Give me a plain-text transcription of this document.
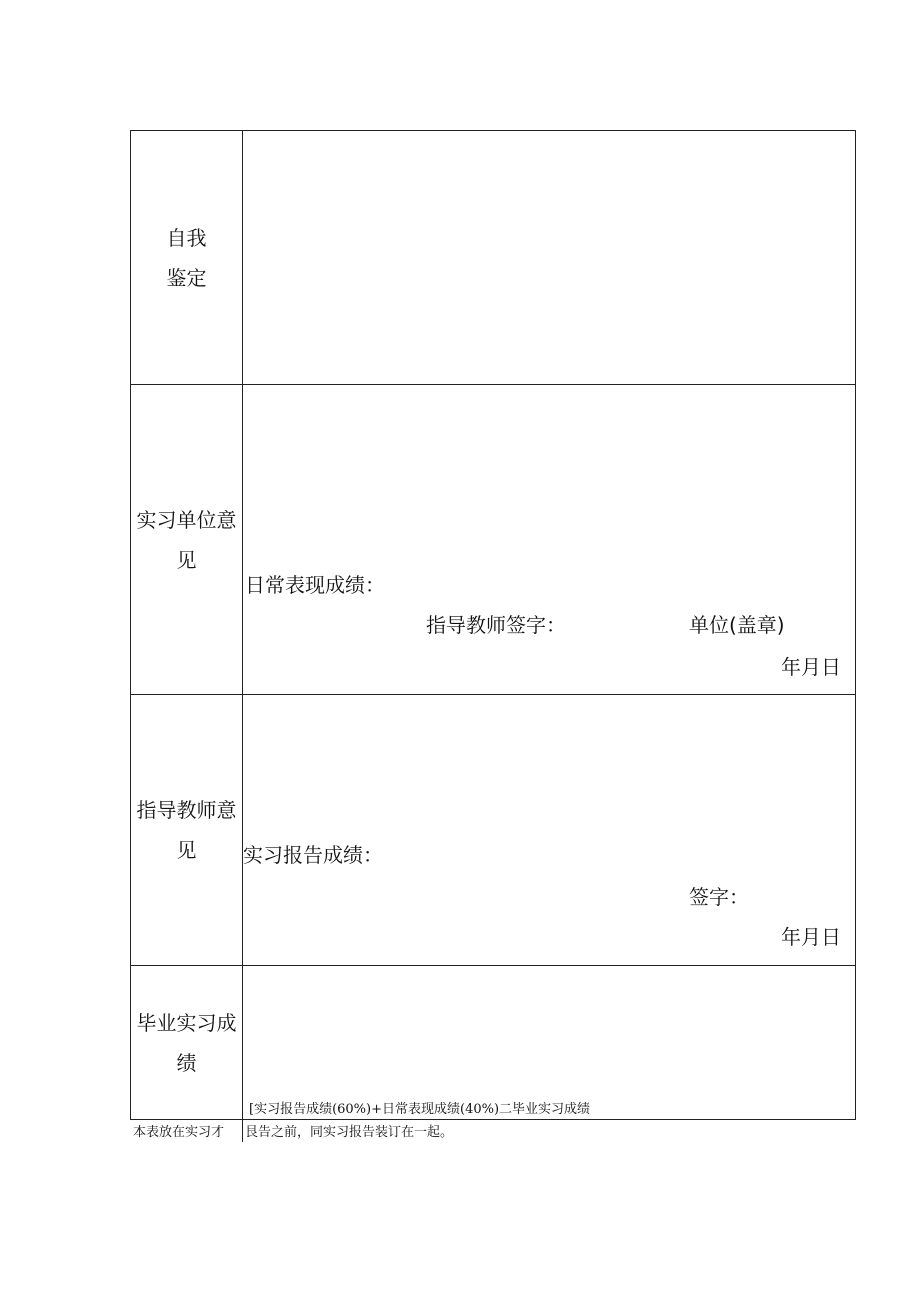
自我
鉴定
实习单位意
见
日常表现成绩：
指导教师签字：	单位(盖章)
年月日
指导教师意
见	实习报告成绩：
签字：
年月日
毕业实习成
绩
[实习报告成绩(60%)+日常表现成绩(40%)二毕业实习成绩
本表放在实习才 艮告之前，同实习报告装订在一起。
